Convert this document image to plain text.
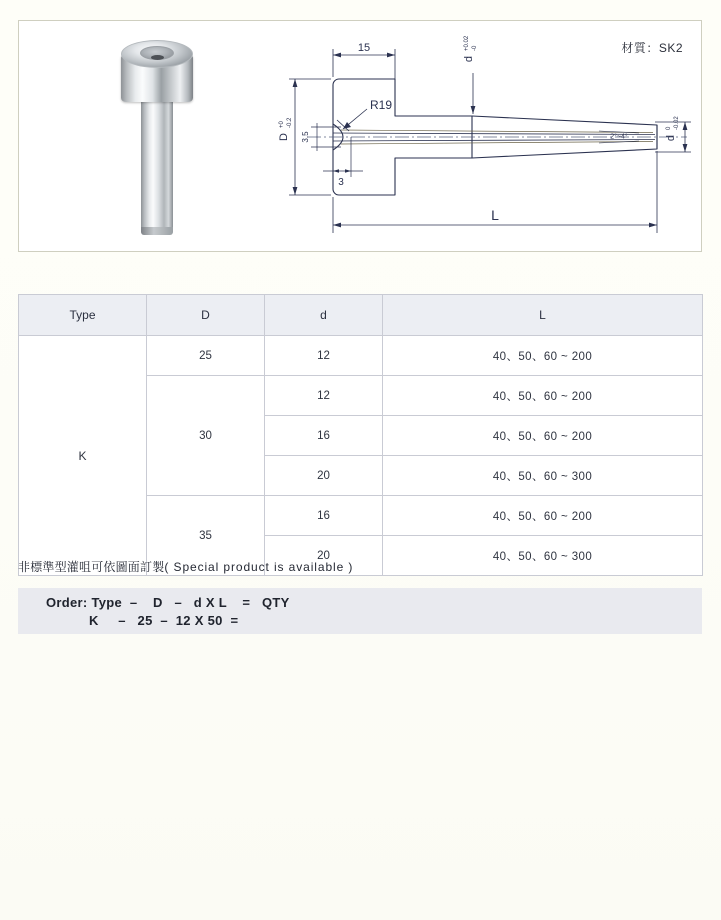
材質：SK2
15
D
+0 -0.2
3.5
3
R19
d
+0.02 -0
d
0 -0.02
2°~4°
L
Type	D	d	L
K	25	12	40、50、60 ~ 200
	30	12	40、50、60 ~ 200
		16	40、50、60 ~ 200
		20	40、50、60 ~ 300
	35	16	40、50、60 ~ 200
		20	40、50、60 ~ 300
非標準型灌咀可依圖面訂製( Special product is available )
Order: Type  –    D   –   d X L    =   QTY
K     –   25  –  12 X 50  =
